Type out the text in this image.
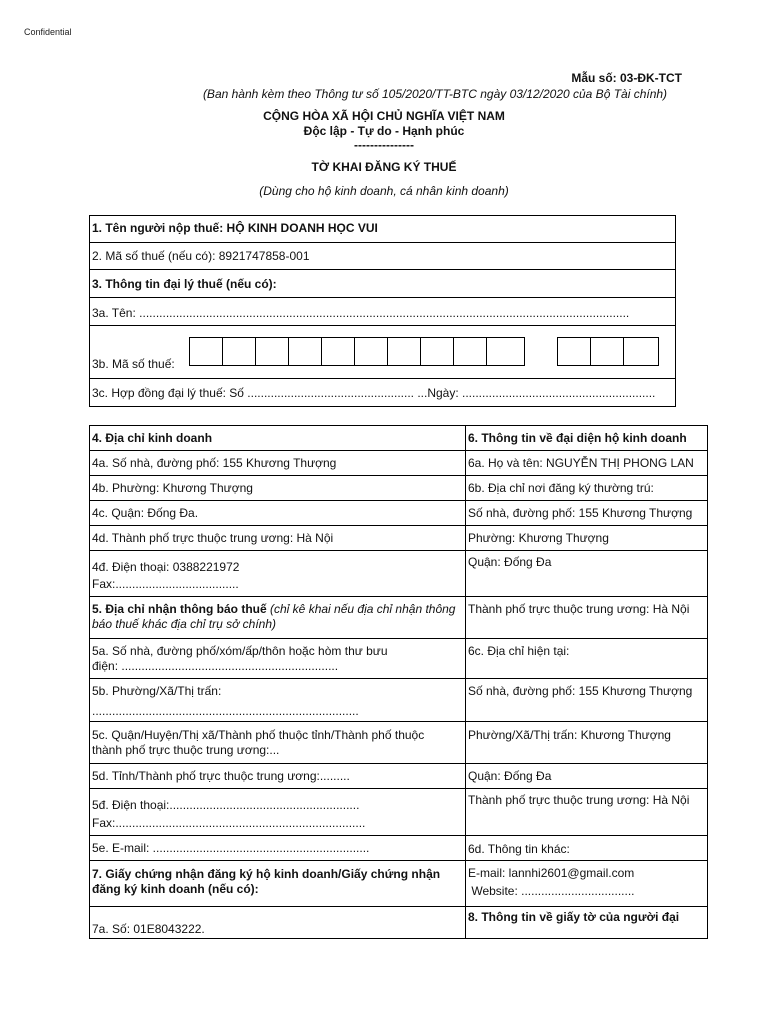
Confidential
Mẫu số: 03-ĐK-TCT
(Ban hành kèm theo Thông tư số 105/2020/TT-BTC ngày 03/12/2020 của Bộ Tài chính)
CỘNG HÒA XÃ HỘI CHỦ NGHĨA VIỆT NAM
Độc lập - Tự do - Hạnh phúc
---------------
TỜ KHAI ĐĂNG KÝ THUẾ
(Dùng cho hộ kinh doanh, cá nhân kinh doanh)
1. Tên người nộp thuế: HỘ KINH DOANH HỌC VUI
2. Mã số thuế (nếu có): 8921747858-001
3. Thông tin đại lý thuế (nếu có):
3a. Tên: ...................................................................................................................................................
3b. Mã số thuế:
3c. Hợp đồng đại lý thuế: Số .................................................. ...Ngày: ..........................................................
4. Địa chỉ kinh doanh
4a. Số nhà, đường phố: 155 Khương Thượng
4b. Phường: Khương Thượng
4c. Quận: Đống Đa.
4d. Thành phố trực thuộc trung ương: Hà Nội
4đ. Điện thoại: 0388221972
Fax:.....................................
5. Địa chỉ nhận thông báo thuế (chỉ kê khai nếu địa chỉ nhận thông báo thuế khác địa chỉ trụ sở chính)
5a. Số nhà, đường phố/xóm/ấp/thôn hoặc hòm thư bưu
điện: .................................................................
5b. Phường/Xã/Thị trấn:
................................................................................
5c. Quận/Huyện/Thị xã/Thành phố thuộc tỉnh/Thành phố thuộc
thành phố trực thuộc trung ương:...
5d. Tỉnh/Thành phố trực thuộc trung ương:.........
5đ. Điện thoại:.........................................................
Fax:...........................................................................
5e. E-mail: .................................................................
7. Giấy chứng nhận đăng ký hộ kinh doanh/Giấy chứng nhận đăng ký kinh doanh (nếu có):
7a. Số: 01E8043222.
6. Thông tin về đại diện hộ kinh doanh
6a. Họ và tên: NGUYỄN THỊ PHONG LAN
6b. Địa chỉ nơi đăng ký thường trú:
Số nhà, đường phố: 155 Khương Thượng
Phường: Khương Thượng
Quận: Đống Đa
Thành phố trực thuộc trung ương: Hà Nội
6c. Địa chỉ hiện tại:
Số nhà, đường phố: 155 Khương Thượng
Phường/Xã/Thị trấn: Khương Thượng
Quận: Đống Đa
Thành phố trực thuộc trung ương: Hà Nội
6d. Thông tin khác:
E-mail: lannhi2601@gmail.com
Website: ..................................
8. Thông tin về giấy tờ của người đại
